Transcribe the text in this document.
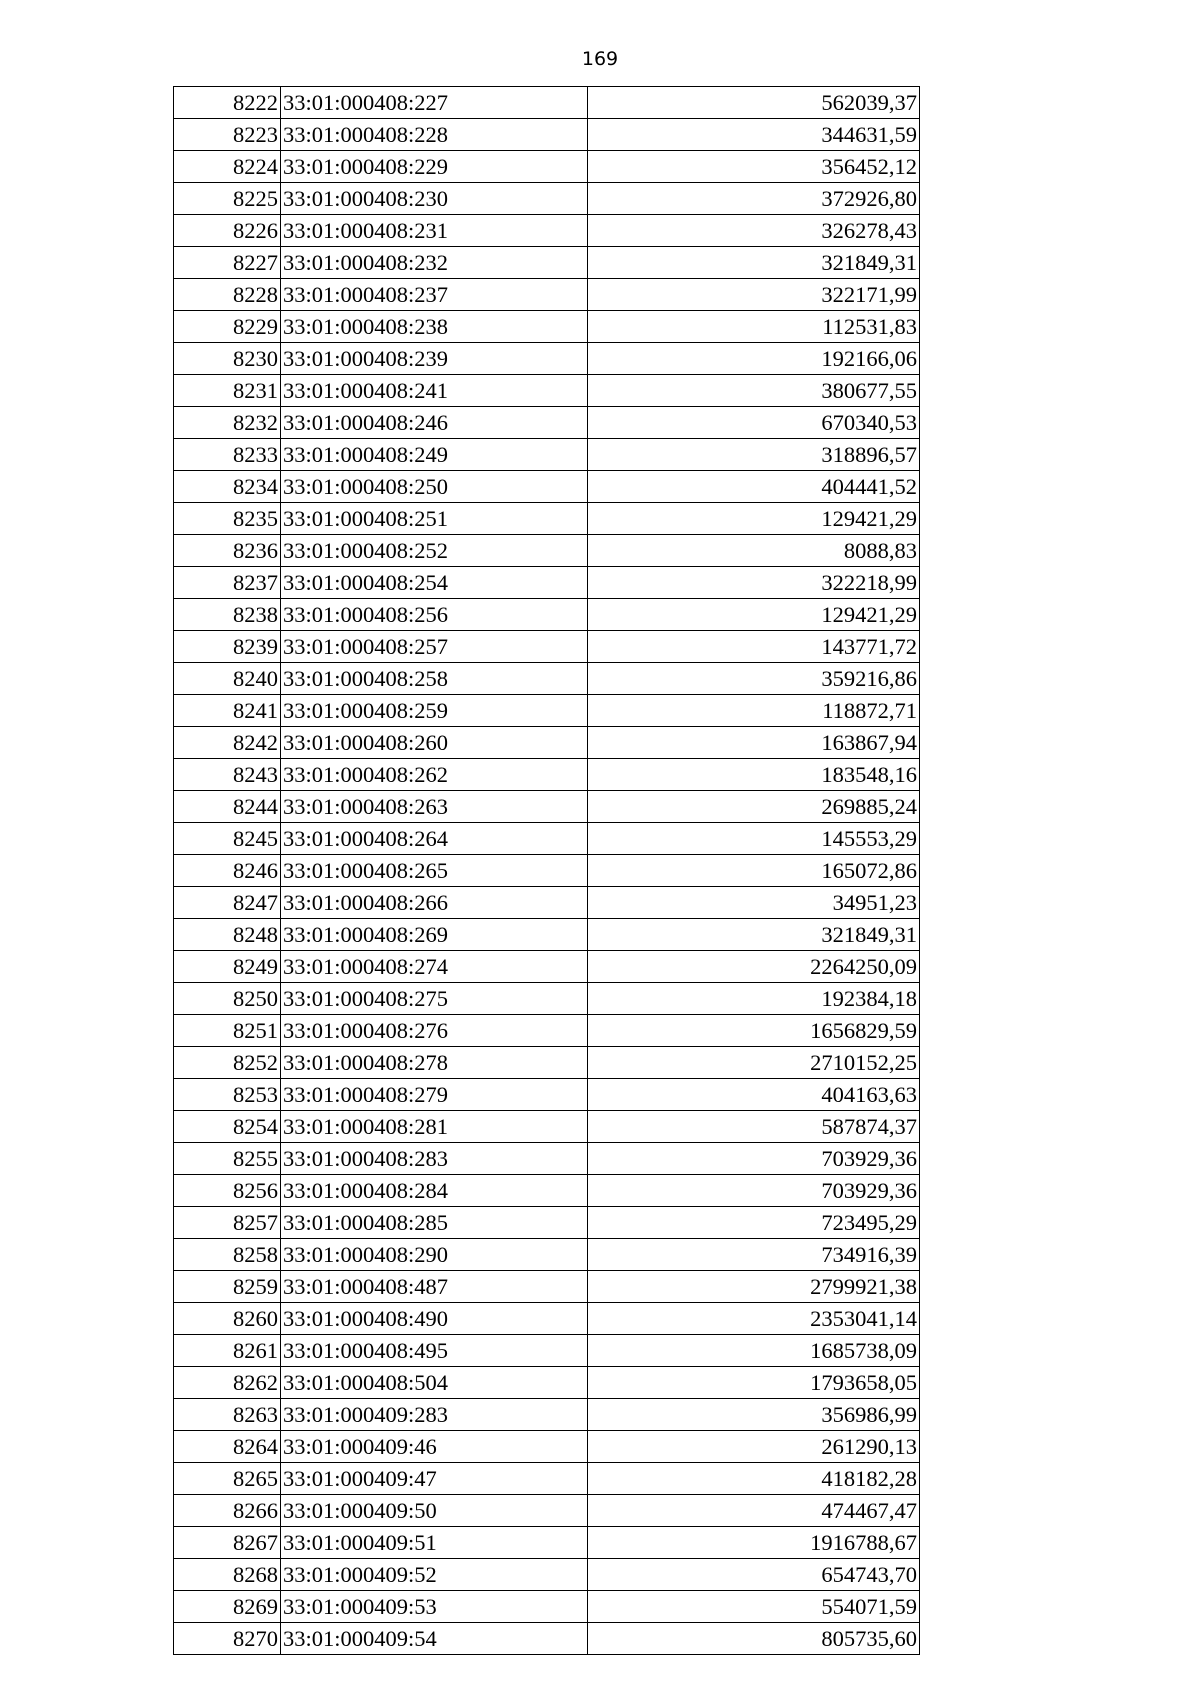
169
8222	33:01:000408:227	562039,37
8223	33:01:000408:228	344631,59
8224	33:01:000408:229	356452,12
8225	33:01:000408:230	372926,80
8226	33:01:000408:231	326278,43
8227	33:01:000408:232	321849,31
8228	33:01:000408:237	322171,99
8229	33:01:000408:238	112531,83
8230	33:01:000408:239	192166,06
8231	33:01:000408:241	380677,55
8232	33:01:000408:246	670340,53
8233	33:01:000408:249	318896,57
8234	33:01:000408:250	404441,52
8235	33:01:000408:251	129421,29
8236	33:01:000408:252	8088,83
8237	33:01:000408:254	322218,99
8238	33:01:000408:256	129421,29
8239	33:01:000408:257	143771,72
8240	33:01:000408:258	359216,86
8241	33:01:000408:259	118872,71
8242	33:01:000408:260	163867,94
8243	33:01:000408:262	183548,16
8244	33:01:000408:263	269885,24
8245	33:01:000408:264	145553,29
8246	33:01:000408:265	165072,86
8247	33:01:000408:266	34951,23
8248	33:01:000408:269	321849,31
8249	33:01:000408:274	2264250,09
8250	33:01:000408:275	192384,18
8251	33:01:000408:276	1656829,59
8252	33:01:000408:278	2710152,25
8253	33:01:000408:279	404163,63
8254	33:01:000408:281	587874,37
8255	33:01:000408:283	703929,36
8256	33:01:000408:284	703929,36
8257	33:01:000408:285	723495,29
8258	33:01:000408:290	734916,39
8259	33:01:000408:487	2799921,38
8260	33:01:000408:490	2353041,14
8261	33:01:000408:495	1685738,09
8262	33:01:000408:504	1793658,05
8263	33:01:000409:283	356986,99
8264	33:01:000409:46	261290,13
8265	33:01:000409:47	418182,28
8266	33:01:000409:50	474467,47
8267	33:01:000409:51	1916788,67
8268	33:01:000409:52	654743,70
8269	33:01:000409:53	554071,59
8270	33:01:000409:54	805735,60
